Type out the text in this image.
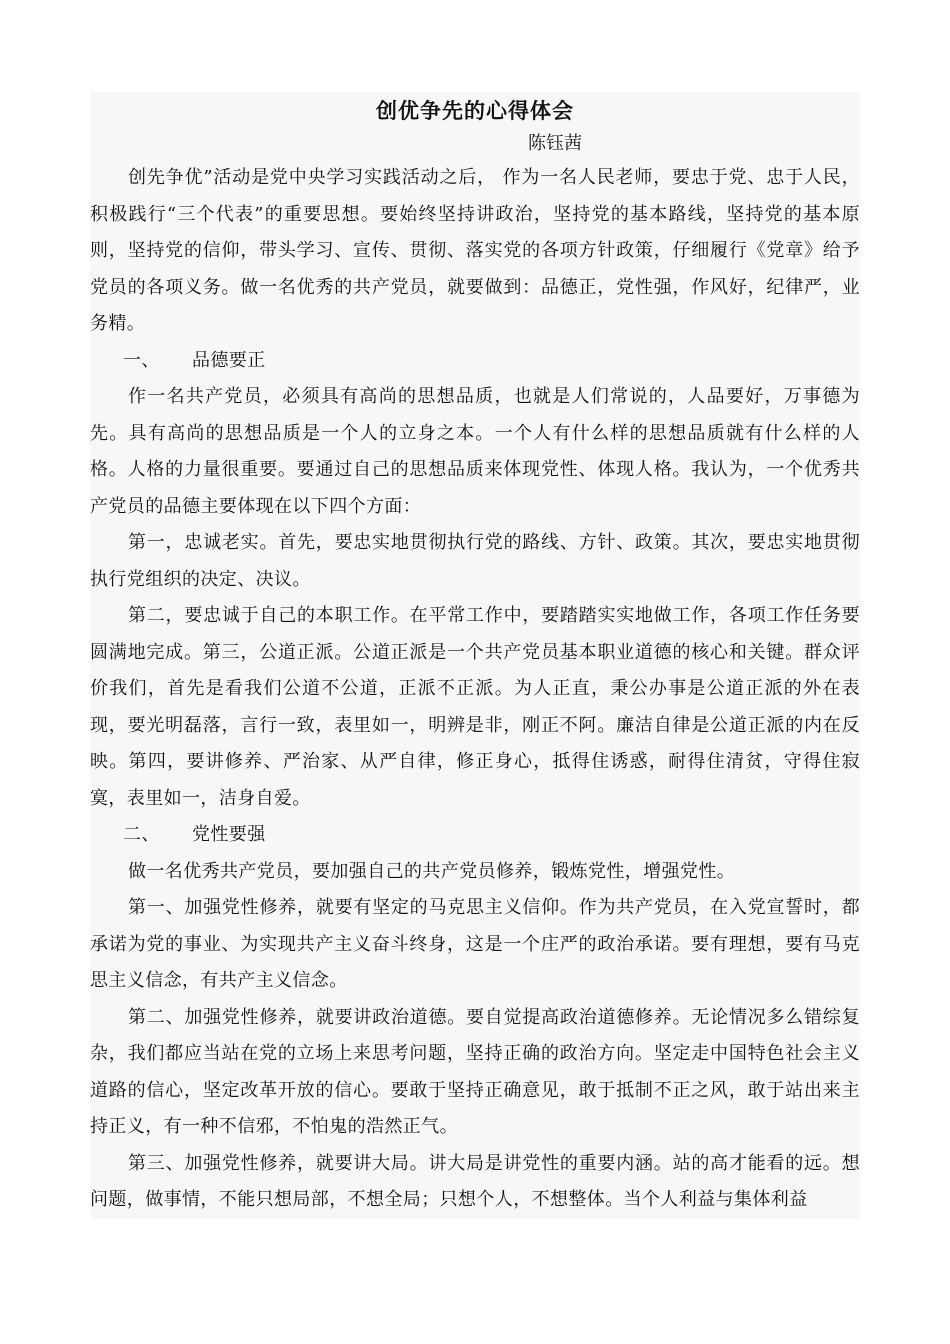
创优争先的心得体会
陈钰茜

创先争优”活动是党中央学习实践活动之后， 作为一名人民老师，要忠于党、忠于人民，积极践行“三个代表”的重要思想。要始终坚持讲政治，坚持党的基本路线，坚持党的基本原则，坚持党的信仰，带头学习、宣传、贯彻、落实党的各项方针政策，仔细履行《党章》给予党员的各项义务。做一名优秀的共产党员，就要做到：品德正，党性强，作风好，纪律严，业务精。

一、 品德要正

作一名共产党员，必须具有高尚的思想品质，也就是人们常说的，人品要好，万事德为先。具有高尚的思想品质是一个人的立身之本。一个人有什么样的思想品质就有什么样的人格。人格的力量很重要。要通过自己的思想品质来体现党性、体现人格。我认为，一个优秀共产党员的品德主要体现在以下四个方面：

第一，忠诚老实。首先，要忠实地贯彻执行党的路线、方针、政策。其次，要忠实地贯彻执行党组织的决定、决议。

第二，要忠诚于自己的本职工作。在平常工作中，要踏踏实实地做工作，各项工作任务要圆满地完成。第三，公道正派。公道正派是一个共产党员基本职业道德的核心和关键。群众评价我们，首先是看我们公道不公道，正派不正派。为人正直，秉公办事是公道正派的外在表现，要光明磊落，言行一致，表里如一，明辨是非，刚正不阿。廉洁自律是公道正派的内在反映。第四，要讲修养、严治家、从严自律，修正身心，抵得住诱惑，耐得住清贫，守得住寂寞，表里如一，洁身自爱。

二、 党性要强

做一名优秀共产党员，要加强自己的共产党员修养，锻炼党性，增强党性。

第一、加强党性修养，就要有坚定的马克思主义信仰。作为共产党员，在入党宣誓时，都承诺为党的事业、为实现共产主义奋斗终身，这是一个庄严的政治承诺。要有理想，要有马克思主义信念，有共产主义信念。

第二、加强党性修养，就要讲政治道德。要自觉提高政治道德修养。无论情况多么错综复杂，我们都应当站在党的立场上来思考问题，坚持正确的政治方向。坚定走中国特色社会主义道路的信心，坚定改革开放的信心。要敢于坚持正确意见，敢于抵制不正之风，敢于站出来主持正义，有一种不信邪，不怕鬼的浩然正气。

第三、加强党性修养，就要讲大局。讲大局是讲党性的重要内涵。站的高才能看的远。想问题，做事情，不能只想局部，不想全局；只想个人，不想整体。当个人利益与集体利益
